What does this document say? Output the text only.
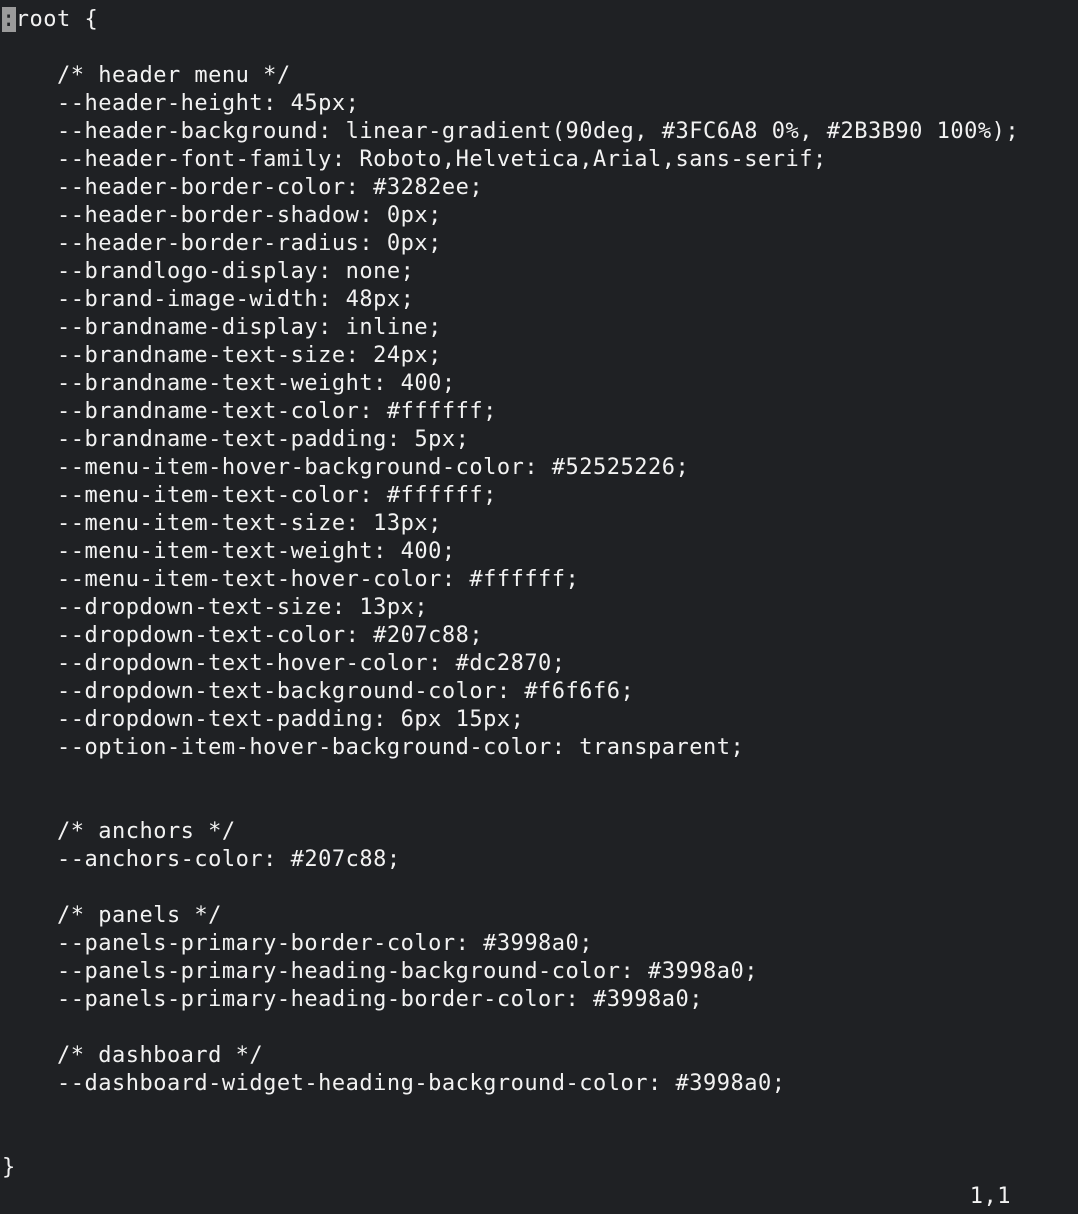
:root {
/* header menu */
--header-height: 45px;
--header-background: linear-gradient(90deg, #3FC6A8 0%, #2B3B90 100%);
--header-font-family: Roboto,Helvetica,Arial,sans-serif;
--header-border-color: #3282ee;
--header-border-shadow: 0px;
--header-border-radius: 0px;
--brandlogo-display: none;
--brand-image-width: 48px;
--brandname-display: inline;
--brandname-text-size: 24px;
--brandname-text-weight: 400;
--brandname-text-color: #ffffff;
--brandname-text-padding: 5px;
--menu-item-hover-background-color: #52525226;
--menu-item-text-color: #ffffff;
--menu-item-text-size: 13px;
--menu-item-text-weight: 400;
--menu-item-text-hover-color: #ffffff;
--dropdown-text-size: 13px;
--dropdown-text-color: #207c88;
--dropdown-text-hover-color: #dc2870;
--dropdown-text-background-color: #f6f6f6;
--dropdown-text-padding: 6px 15px;
--option-item-hover-background-color: transparent;
/* anchors */
--anchors-color: #207c88;
/* panels */
--panels-primary-border-color: #3998a0;
--panels-primary-heading-background-color: #3998a0;
--panels-primary-heading-border-color: #3998a0;
/* dashboard */
--dashboard-widget-heading-background-color: #3998a0;
}
1,1
